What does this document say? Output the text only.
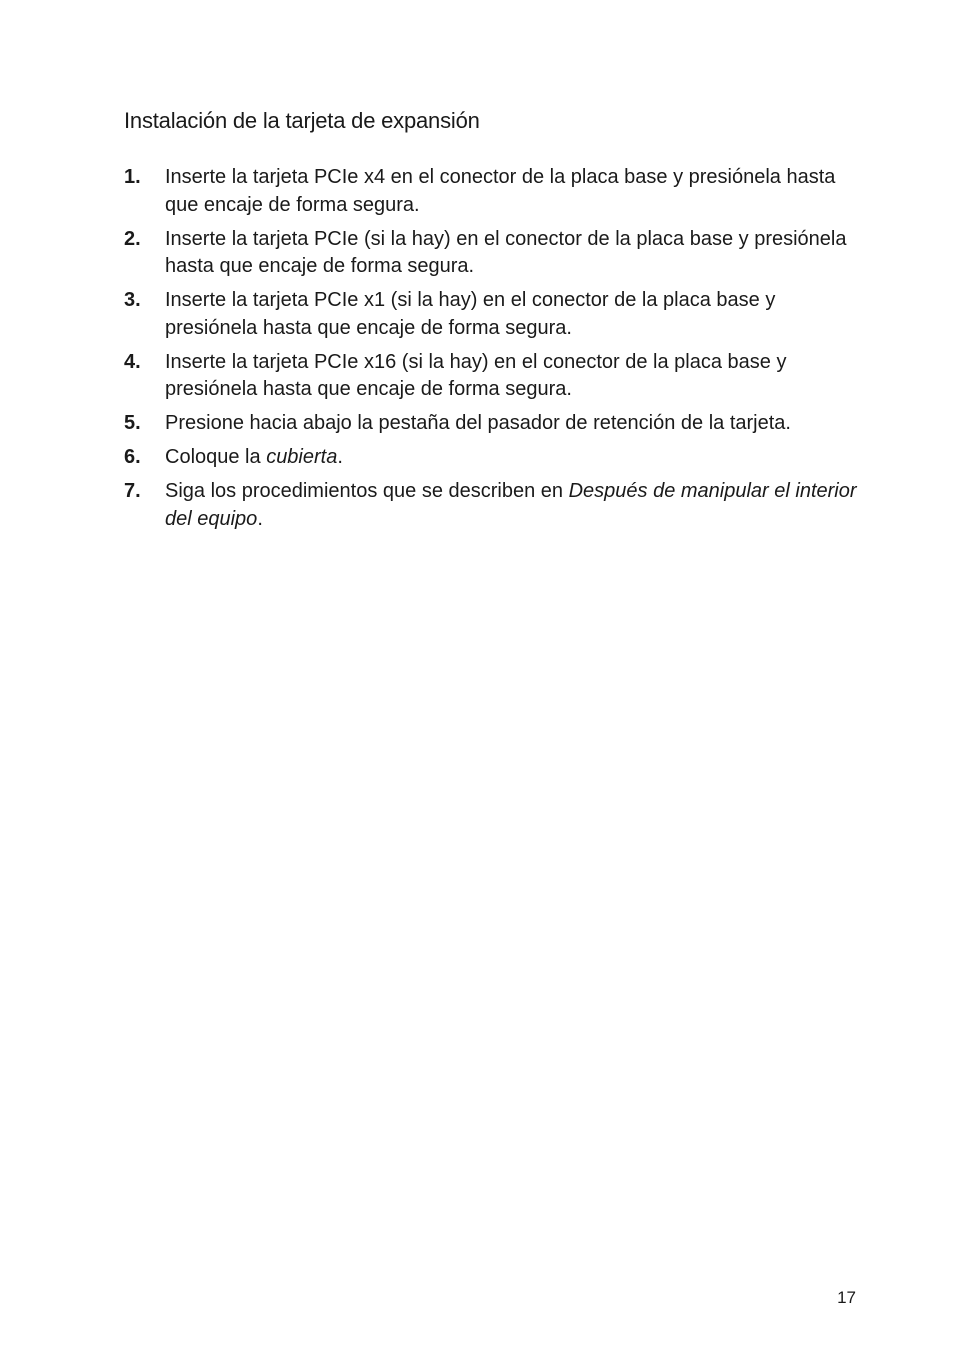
Instalación de la tarjeta de expansión
1.	Inserte la tarjeta PCIe x4 en el conector de la placa base y presiónela hasta que encaje de forma segura.
2.	Inserte la tarjeta PCIe (si la hay) en el conector de la placa base y presiónela hasta que encaje de forma segura.
3.	Inserte la tarjeta PCIe x1 (si la hay) en el conector de la placa base y presiónela hasta que encaje de forma segura.
4.	Inserte la tarjeta PCIe x16 (si la hay) en el conector de la placa base y presiónela hasta que encaje de forma segura.
5.	Presione hacia abajo la pestaña del pasador de retención de la tarjeta.
6.	Coloque la cubierta.
7.	Siga los procedimientos que se describen en Después de manipular el interior del equipo.
17
